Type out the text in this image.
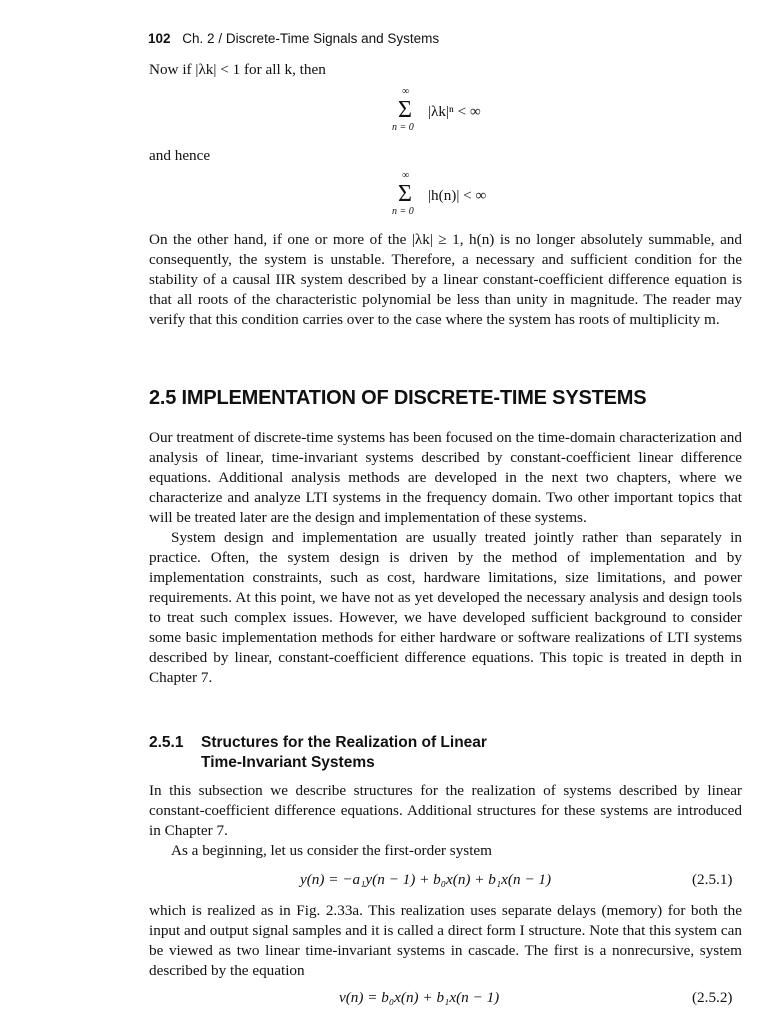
102 Ch. 2 / Discrete-Time Signals and Systems

Now if |λk| < 1 for all k, then

∞
Σ
n = 0
|λk|ⁿ < ∞

and hence

∞
Σ
n = 0
|h(n)| < ∞

On the other hand, if one or more of the |λk| ≥ 1, h(n) is no longer absolutely summable, and consequently, the system is unstable. Therefore, a necessary and sufficient condition for the stability of a causal IIR system described by a linear constant-coefficient difference equation is that all roots of the characteristic polynomial be less than unity in magnitude. The reader may verify that this condition carries over to the case where the system has roots of multiplicity m.

2.5 IMPLEMENTATION OF DISCRETE-TIME SYSTEMS

Our treatment of discrete-time systems has been focused on the time-domain characterization and analysis of linear, time-invariant systems described by constant-coefficient linear difference equations. Additional analysis methods are developed in the next two chapters, where we characterize and analyze LTI systems in the frequency domain. Two other important topics that will be treated later are the design and implementation of these systems.

System design and implementation are usually treated jointly rather than separately in practice. Often, the system design is driven by the method of implementation and by implementation constraints, such as cost, hardware limitations, size limitations, and power requirements. At this point, we have not as yet developed the necessary analysis and design tools to treat such complex issues. However, we have developed sufficient background to consider some basic implementation methods for either hardware or software realizations of LTI systems described by linear, constant-coefficient difference equations. This topic is treated in depth in Chapter 7.

2.5.1 Structures for the Realization of Linear
Time-Invariant Systems

In this subsection we describe structures for the realization of systems described by linear constant-coefficient difference equations. Additional structures for these systems are introduced in Chapter 7.

As a beginning, let us consider the first-order system

y(n) = −a₁y(n − 1) + b₀x(n) + b₁x(n − 1)	(2.5.1)

which is realized as in Fig. 2.33a. This realization uses separate delays (memory) for both the input and output signal samples and it is called a direct form I structure. Note that this system can be viewed as two linear time-invariant systems in cascade. The first is a nonrecursive, system described by the equation

v(n) = b₀x(n) + b₁x(n − 1)	(2.5.2)
